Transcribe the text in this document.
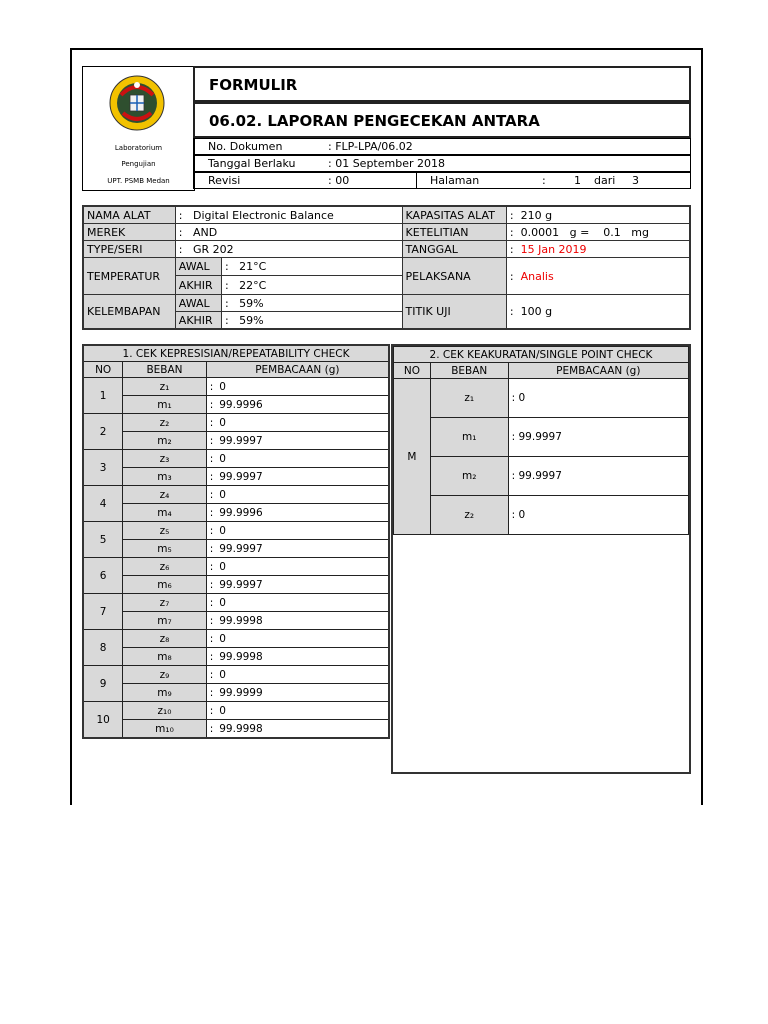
Laboratorium
Pengujian
UPT. PSMB Medan
FORMULIR
06.02. LAPORAN PENGECEKAN ANTARA
No. Dokumen	: FLP-LPA/06.02
Tanggal Berlaku	: 01 September 2018
Revisi	: 00	Halaman	:	1 dari 3
NAMA ALAT	: Digital Electronic Balance		KAPASITAS ALAT	: 210 g
MEREK	: AND		KETELITIAN	: 0.0001 g = 0.1 mg
TYPE/SERI	: GR 202		TANGGAL	: 15 Jan 2019
TEMPERATUR	AWAL	: 21°C	PELAKSANA	: Analis
	AKHIR	: 22°C		
KELEMBAPAN	AWAL	: 59%	TITIK UJI	: 100 g
	AKHIR	: 59%		
1. CEK KEPRESISIAN/REPEATABILITY CHECK		
NO	BEBAN	PEMBACAAN (g)
1	z₁	: 0
	m₁	: 99.9996
2	z₂	: 0
	m₂	: 99.9997
3	z₃	: 0
	m₃	: 99.9997
4	z₄	: 0
	m₄	: 99.9996
5	z₅	: 0
	m₅	: 99.9997
6	z₆	: 0
	m₆	: 99.9997
7	z₇	: 0
	m₇	: 99.9998
8	z₈	: 0
	m₈	: 99.9998
9	z₉	: 0
	m₉	: 99.9999
10	z₁₀	: 0
	m₁₀	: 99.9998
2. CEK KEAKURATAN/SINGLE POINT CHECK		
NO	BEBAN	PEMBACAAN (g)
M	z₁	: 0
	m₁	: 99.9997
	m₂	: 99.9997
	z₂	: 0
